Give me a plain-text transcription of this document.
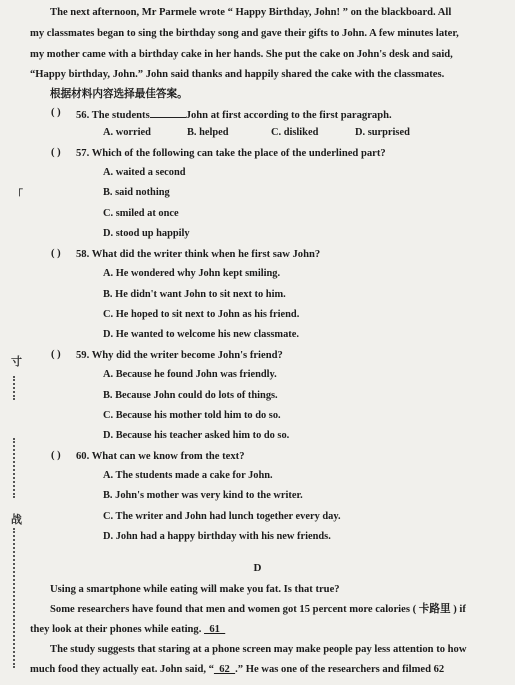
「
寸
战
The next afternoon, Mr Parmele wrote “ Happy Birthday, John! ” on the blackboard. All
my classmates began to sing the birthday song and gave their gifts to John. A few minutes later,
my mother came with a birthday cake in her hands. She put the cake on John's desk and said,
“Happy birthday, John.” John said thanks and happily shared the cake with the classmates.
根据材料内容选择最佳答案。
( ) 56. The students	John at first according to the first paragraph.
A. worried	B. helped	C. disliked	D. surprised
( ) 57. Which of the following can take the place of the underlined part?
A. waited a second
B. said nothing
C. smiled at once
D. stood up happily
( ) 58. What did the writer think when he first saw John?
A. He wondered why John kept smiling.
B. He didn't want John to sit next to him.
C. He hoped to sit next to John as his friend.
D. He wanted to welcome his new classmate.
( ) 59. Why did the writer become John's friend?
A. Because he found John was friendly.
B. Because John could do lots of things.
C. Because his mother told him to do so.
D. Because his teacher asked him to do so.
( ) 60. What can we know from the text?
A. The students made a cake for John.
B. John's mother was very kind to the writer.
C. The writer and John had lunch together every day.
D. John had a happy birthday with his new friends.
D
Using a smartphone while eating will make you fat. Is that true?
Some researchers have found that men and women got 15 percent more calories ( 卡路里 ) if
they look at their phones while eating.   61
The study suggests that staring at a phone screen may make people pay less attention to how
much food they actually eat. John said, “  62  .” He was one of the researchers and filmed 62
